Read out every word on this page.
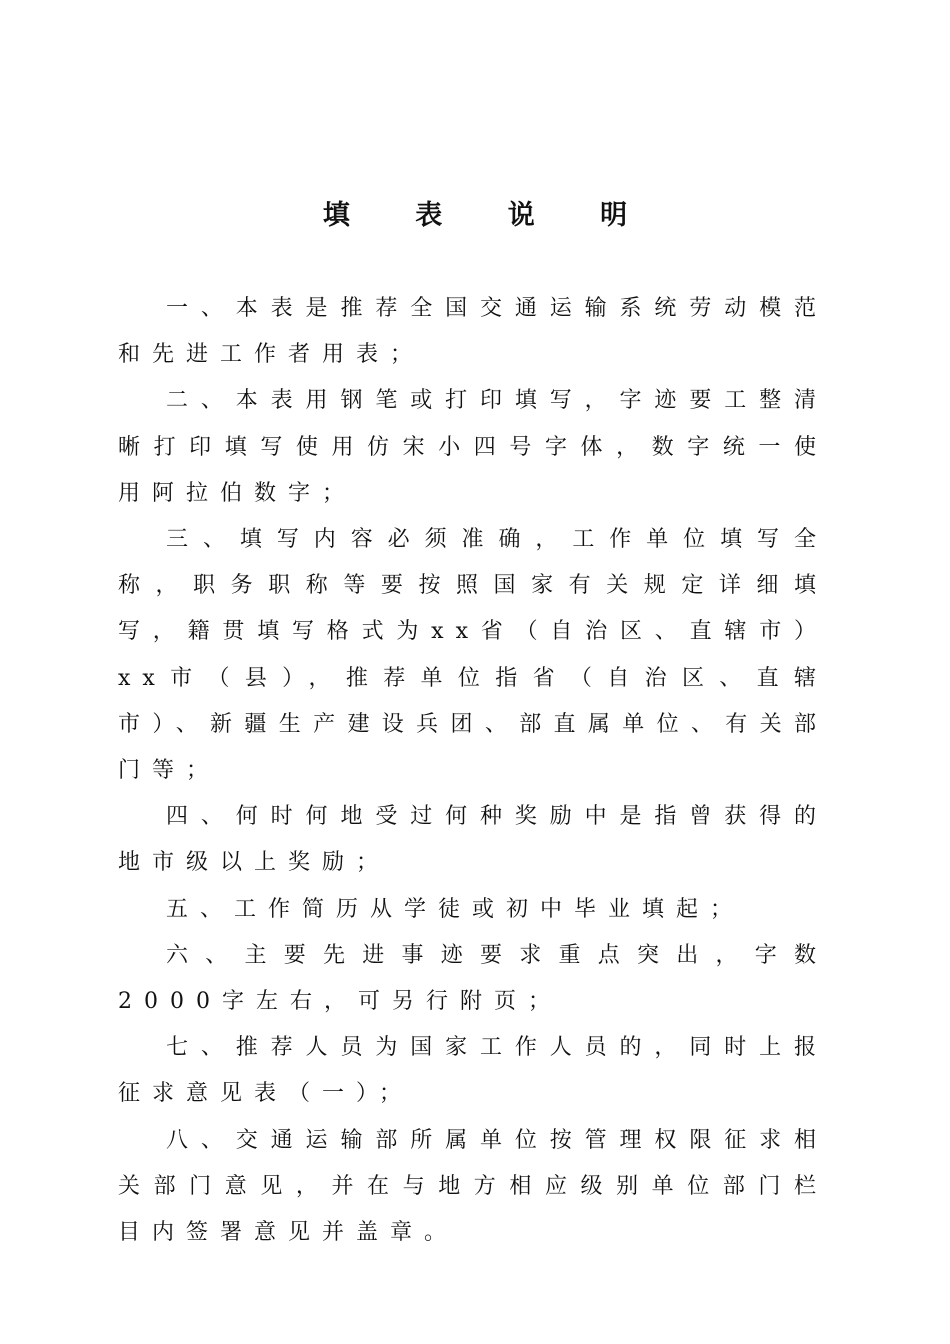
填 表 说 明

一、本表是推荐全国交通运输系统劳动模范和先进工作者用表；

二、本表用钢笔或打印填写，字迹要工整清晰打印填写使用仿宋小四号字体，数字统一使用阿拉伯数字；

三、填写内容必须准确，工作单位填写全称，职务职称等要按照国家有关规定详细填写，籍贯填写格式为xx省（自治区、直辖市）xx市（县），推荐单位指省（自治区、直辖市）、新疆生产建设兵团、部直属单位、有关部门等；

四、何时何地受过何种奖励中是指曾获得的地市级以上奖励；

五、工作简历从学徒或初中毕业填起；

六、主要先进事迹要求重点突出，字数2000字左右，可另行附页；

七、推荐人员为国家工作人员的，同时上报征求意见表（一）；

八、交通运输部所属单位按管理权限征求相关部门意见，并在与地方相应级别单位部门栏目内签署意见并盖章。
